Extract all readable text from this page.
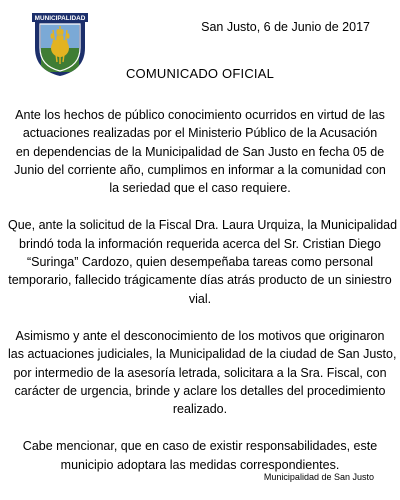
MUNICIPALIDAD
San Justo, 6 de Junio de 2017
COMUNICADO OFICIAL

Ante los hechos de público conocimiento ocurridos en virtud de las
actuaciones realizadas por el Ministerio Público de la Acusación
en dependencias de la Municipalidad de San Justo en fecha 05 de
Junio del corriente año, cumplimos en informar a la comunidad con
la seriedad que el caso requiere.

Que, ante la solicitud de la Fiscal Dra. Laura Urquiza, la Municipalidad
brindó toda la información requerida acerca del Sr. Cristian Diego
“Suringa” Cardozo, quien desempeñaba tareas como personal
temporario, fallecido trágicamente días atrás producto de un siniestro
vial.

Asimismo y ante el desconocimiento de los motivos que originaron
las actuaciones judiciales, la Municipalidad de la ciudad de San Justo,
por intermedio de la asesoría letrada, solicitara a la Sra. Fiscal, con
carácter de urgencia, brinde y aclare los detalles del procedimiento
realizado.

Cabe mencionar, que en caso de existir responsabilidades, este
municipio adoptara las medidas correspondientes.

Municipalidad de San Justo
